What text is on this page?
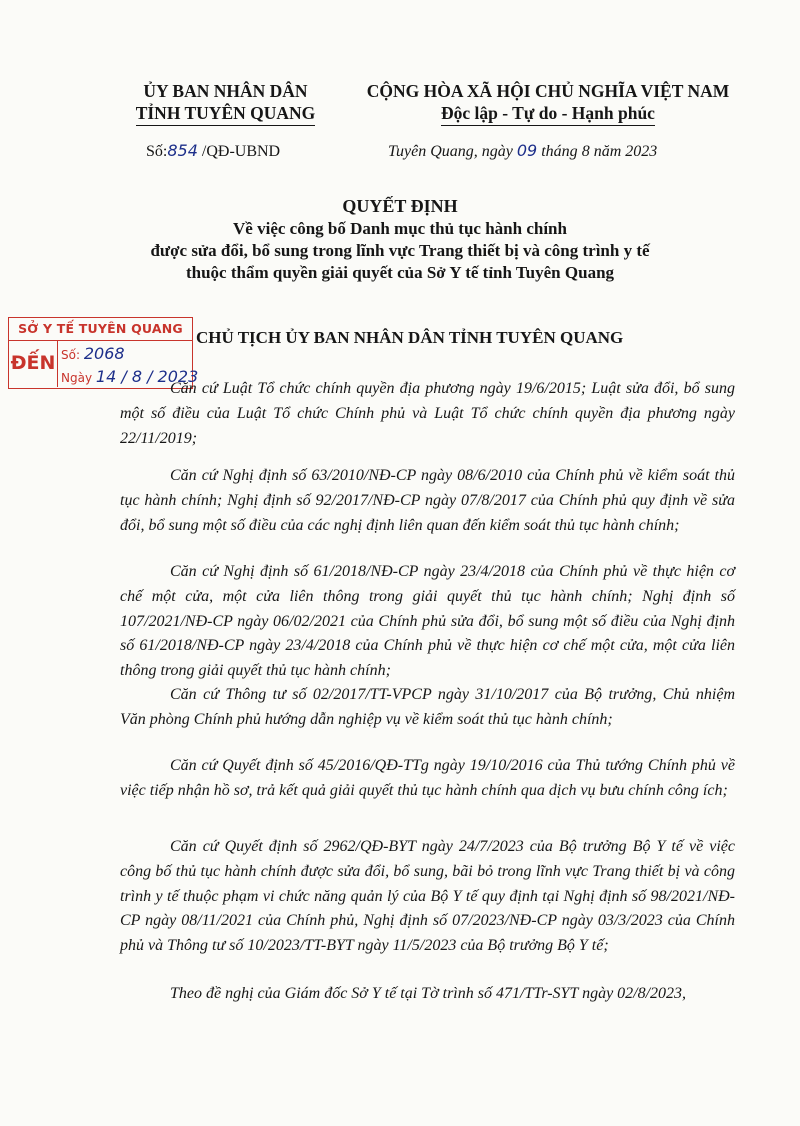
ỦY BAN NHÂN DÂN
TỈNH TUYÊN QUANG
CỘNG HÒA XÃ HỘI CHỦ NGHĨA VIỆT NAM
Độc lập - Tự do - Hạnh phúc
Số:854 /QĐ-UBND	Tuyên Quang, ngày 09 tháng 8 năm 2023
QUYẾT ĐỊNH
Về việc công bố Danh mục thủ tục hành chính
được sửa đổi, bổ sung trong lĩnh vực Trang thiết bị và công trình y tế
thuộc thẩm quyền giải quyết của Sở Y tế tỉnh Tuyên Quang
SỞ Y TẾ TUYÊN QUANG
ĐẾN Số: 2068
Ngày 14 / 8 / 2023
CHỦ TỊCH ỦY BAN NHÂN DÂN TỈNH TUYÊN QUANG

Căn cứ Luật Tổ chức chính quyền địa phương ngày 19/6/2015; Luật sửa đổi, bổ sung một số điều của Luật Tổ chức Chính phủ và Luật Tổ chức chính quyền địa phương ngày 22/11/2019;

Căn cứ Nghị định số 63/2010/NĐ-CP ngày 08/6/2010 của Chính phủ về kiểm soát thủ tục hành chính; Nghị định số 92/2017/NĐ-CP ngày 07/8/2017 của Chính phủ quy định về sửa đổi, bổ sung một số điều của các nghị định liên quan đến kiểm soát thủ tục hành chính;

Căn cứ Nghị định số 61/2018/NĐ-CP ngày 23/4/2018 của Chính phủ về thực hiện cơ chế một cửa, một cửa liên thông trong giải quyết thủ tục hành chính; Nghị định số 107/2021/NĐ-CP ngày 06/02/2021 của Chính phủ sửa đổi, bổ sung một số điều của Nghị định số 61/2018/NĐ-CP ngày 23/4/2018 của Chính phủ về thực hiện cơ chế một cửa, một cửa liên thông trong giải quyết thủ tục hành chính;

Căn cứ Thông tư số 02/2017/TT-VPCP ngày 31/10/2017 của Bộ trưởng, Chủ nhiệm Văn phòng Chính phủ hướng dẫn nghiệp vụ về kiểm soát thủ tục hành chính;

Căn cứ Quyết định số 45/2016/QĐ-TTg ngày 19/10/2016 của Thủ tướng Chính phủ về việc tiếp nhận hồ sơ, trả kết quả giải quyết thủ tục hành chính qua dịch vụ bưu chính công ích;

Căn cứ Quyết định số 2962/QĐ-BYT ngày 24/7/2023 của Bộ trưởng Bộ Y tế về việc công bố thủ tục hành chính được sửa đổi, bổ sung, bãi bỏ trong lĩnh vực Trang thiết bị và công trình y tế thuộc phạm vi chức năng quản lý của Bộ Y tế quy định tại Nghị định số 98/2021/NĐ-CP ngày 08/11/2021 của Chính phủ, Nghị định số 07/2023/NĐ-CP ngày 03/3/2023 của Chính phủ và Thông tư số 10/2023/TT-BYT ngày 11/5/2023 của Bộ trưởng Bộ Y tế;

Theo đề nghị của Giám đốc Sở Y tế tại Tờ trình số 471/TTr-SYT ngày 02/8/2023,
